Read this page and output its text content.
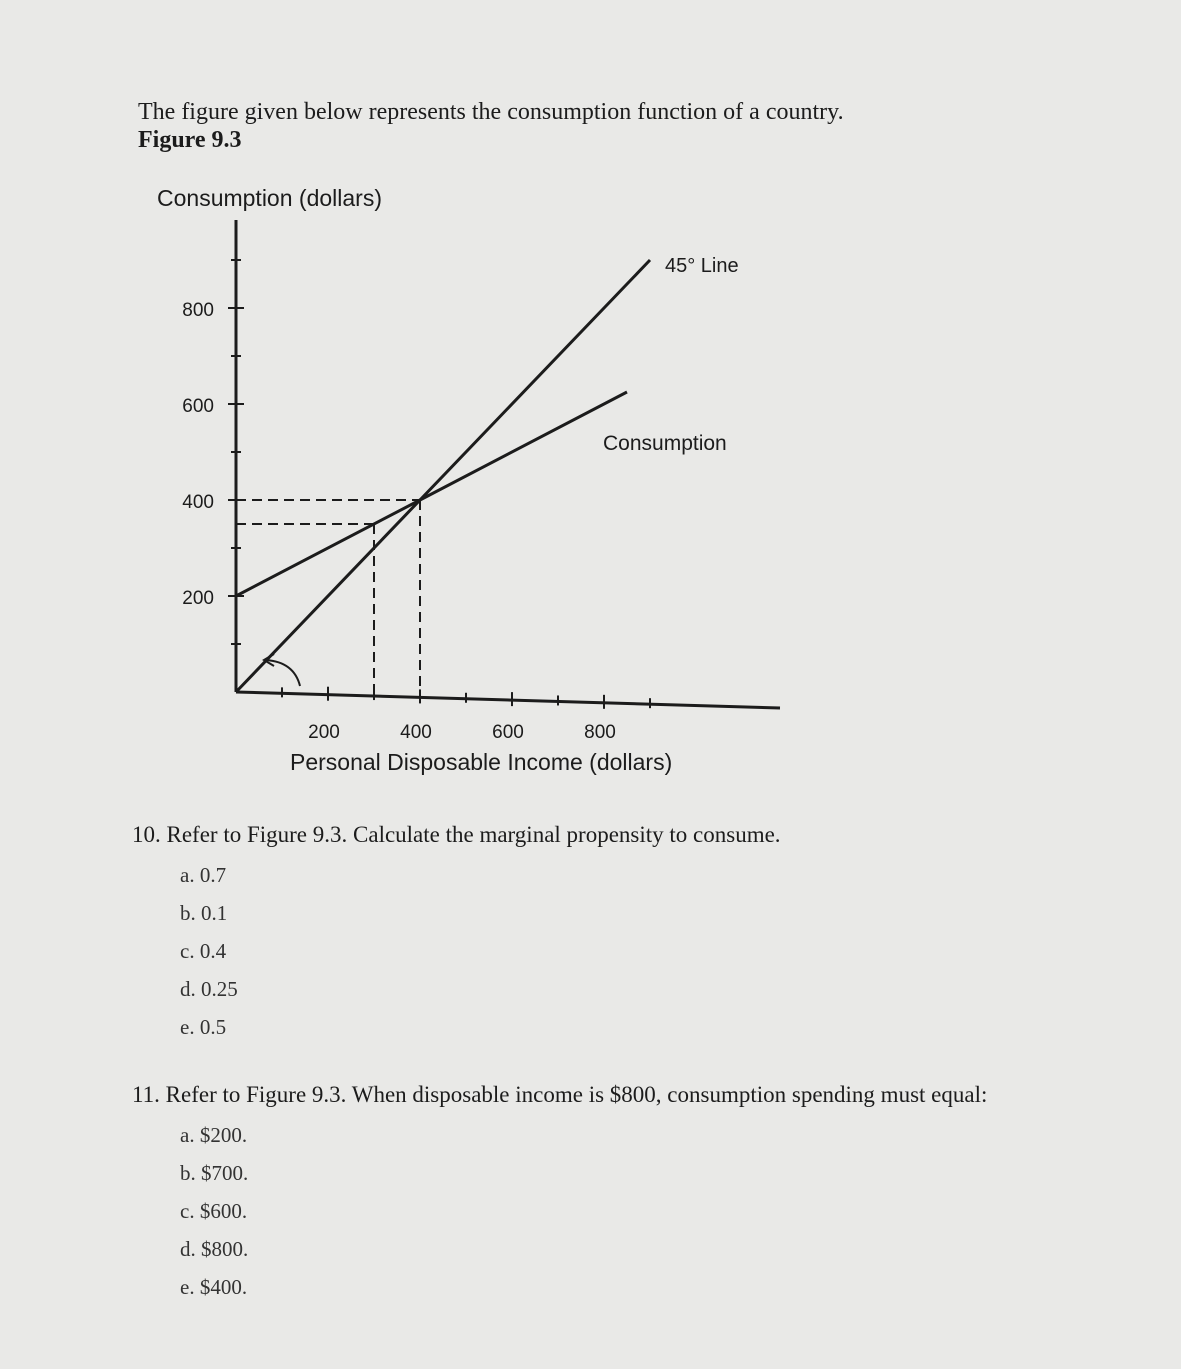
The figure given below represents the consumption function of a country.
Figure 9.3
Consumption (dollars)
200
400
600
800
200	400	600	800
45° Line
Consumption
Personal Disposable Income (dollars)
10. Refer to Figure 9.3. Calculate the marginal propensity to consume.
a. 0.7
b. 0.1
c. 0.4
d. 0.25
e. 0.5
11. Refer to Figure 9.3. When disposable income is $800, consumption spending must equal:
a. $200.
b. $700.
c. $600.
d. $800.
e. $400.
